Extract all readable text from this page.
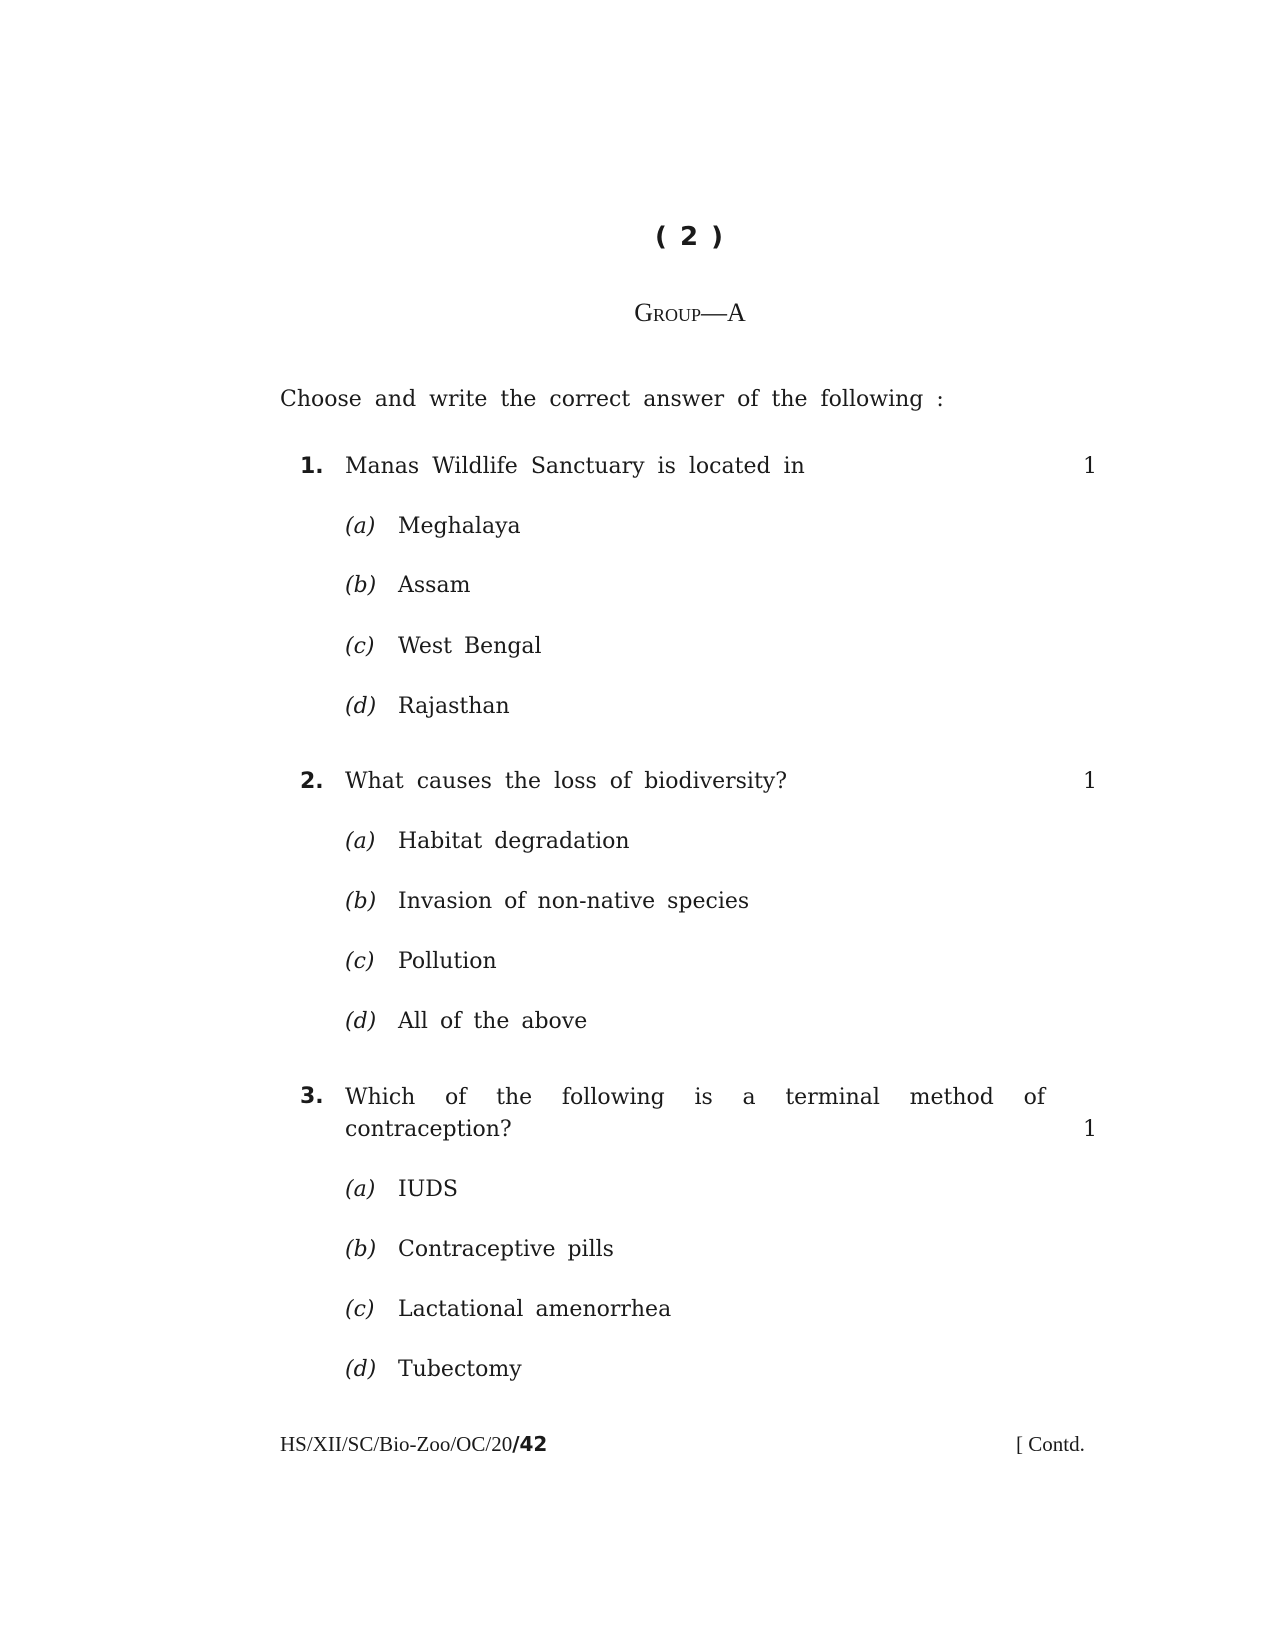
( 2 )
Group—A
Choose and write the correct answer of the following :
1. Manas Wildlife Sanctuary is located in	1
(a) Meghalaya
(b) Assam
(c) West Bengal
(d) Rajasthan
2. What causes the loss of biodiversity?	1
(a) Habitat degradation
(b) Invasion of non-native species
(c) Pollution
(d) All of the above
3. Which of the following is a terminal method of
contraception?	1
(a) IUDS
(b) Contraceptive pills
(c) Lactational amenorrhea
(d) Tubectomy
HS/XII/SC/Bio-Zoo/OC/20/42	[ Contd.
